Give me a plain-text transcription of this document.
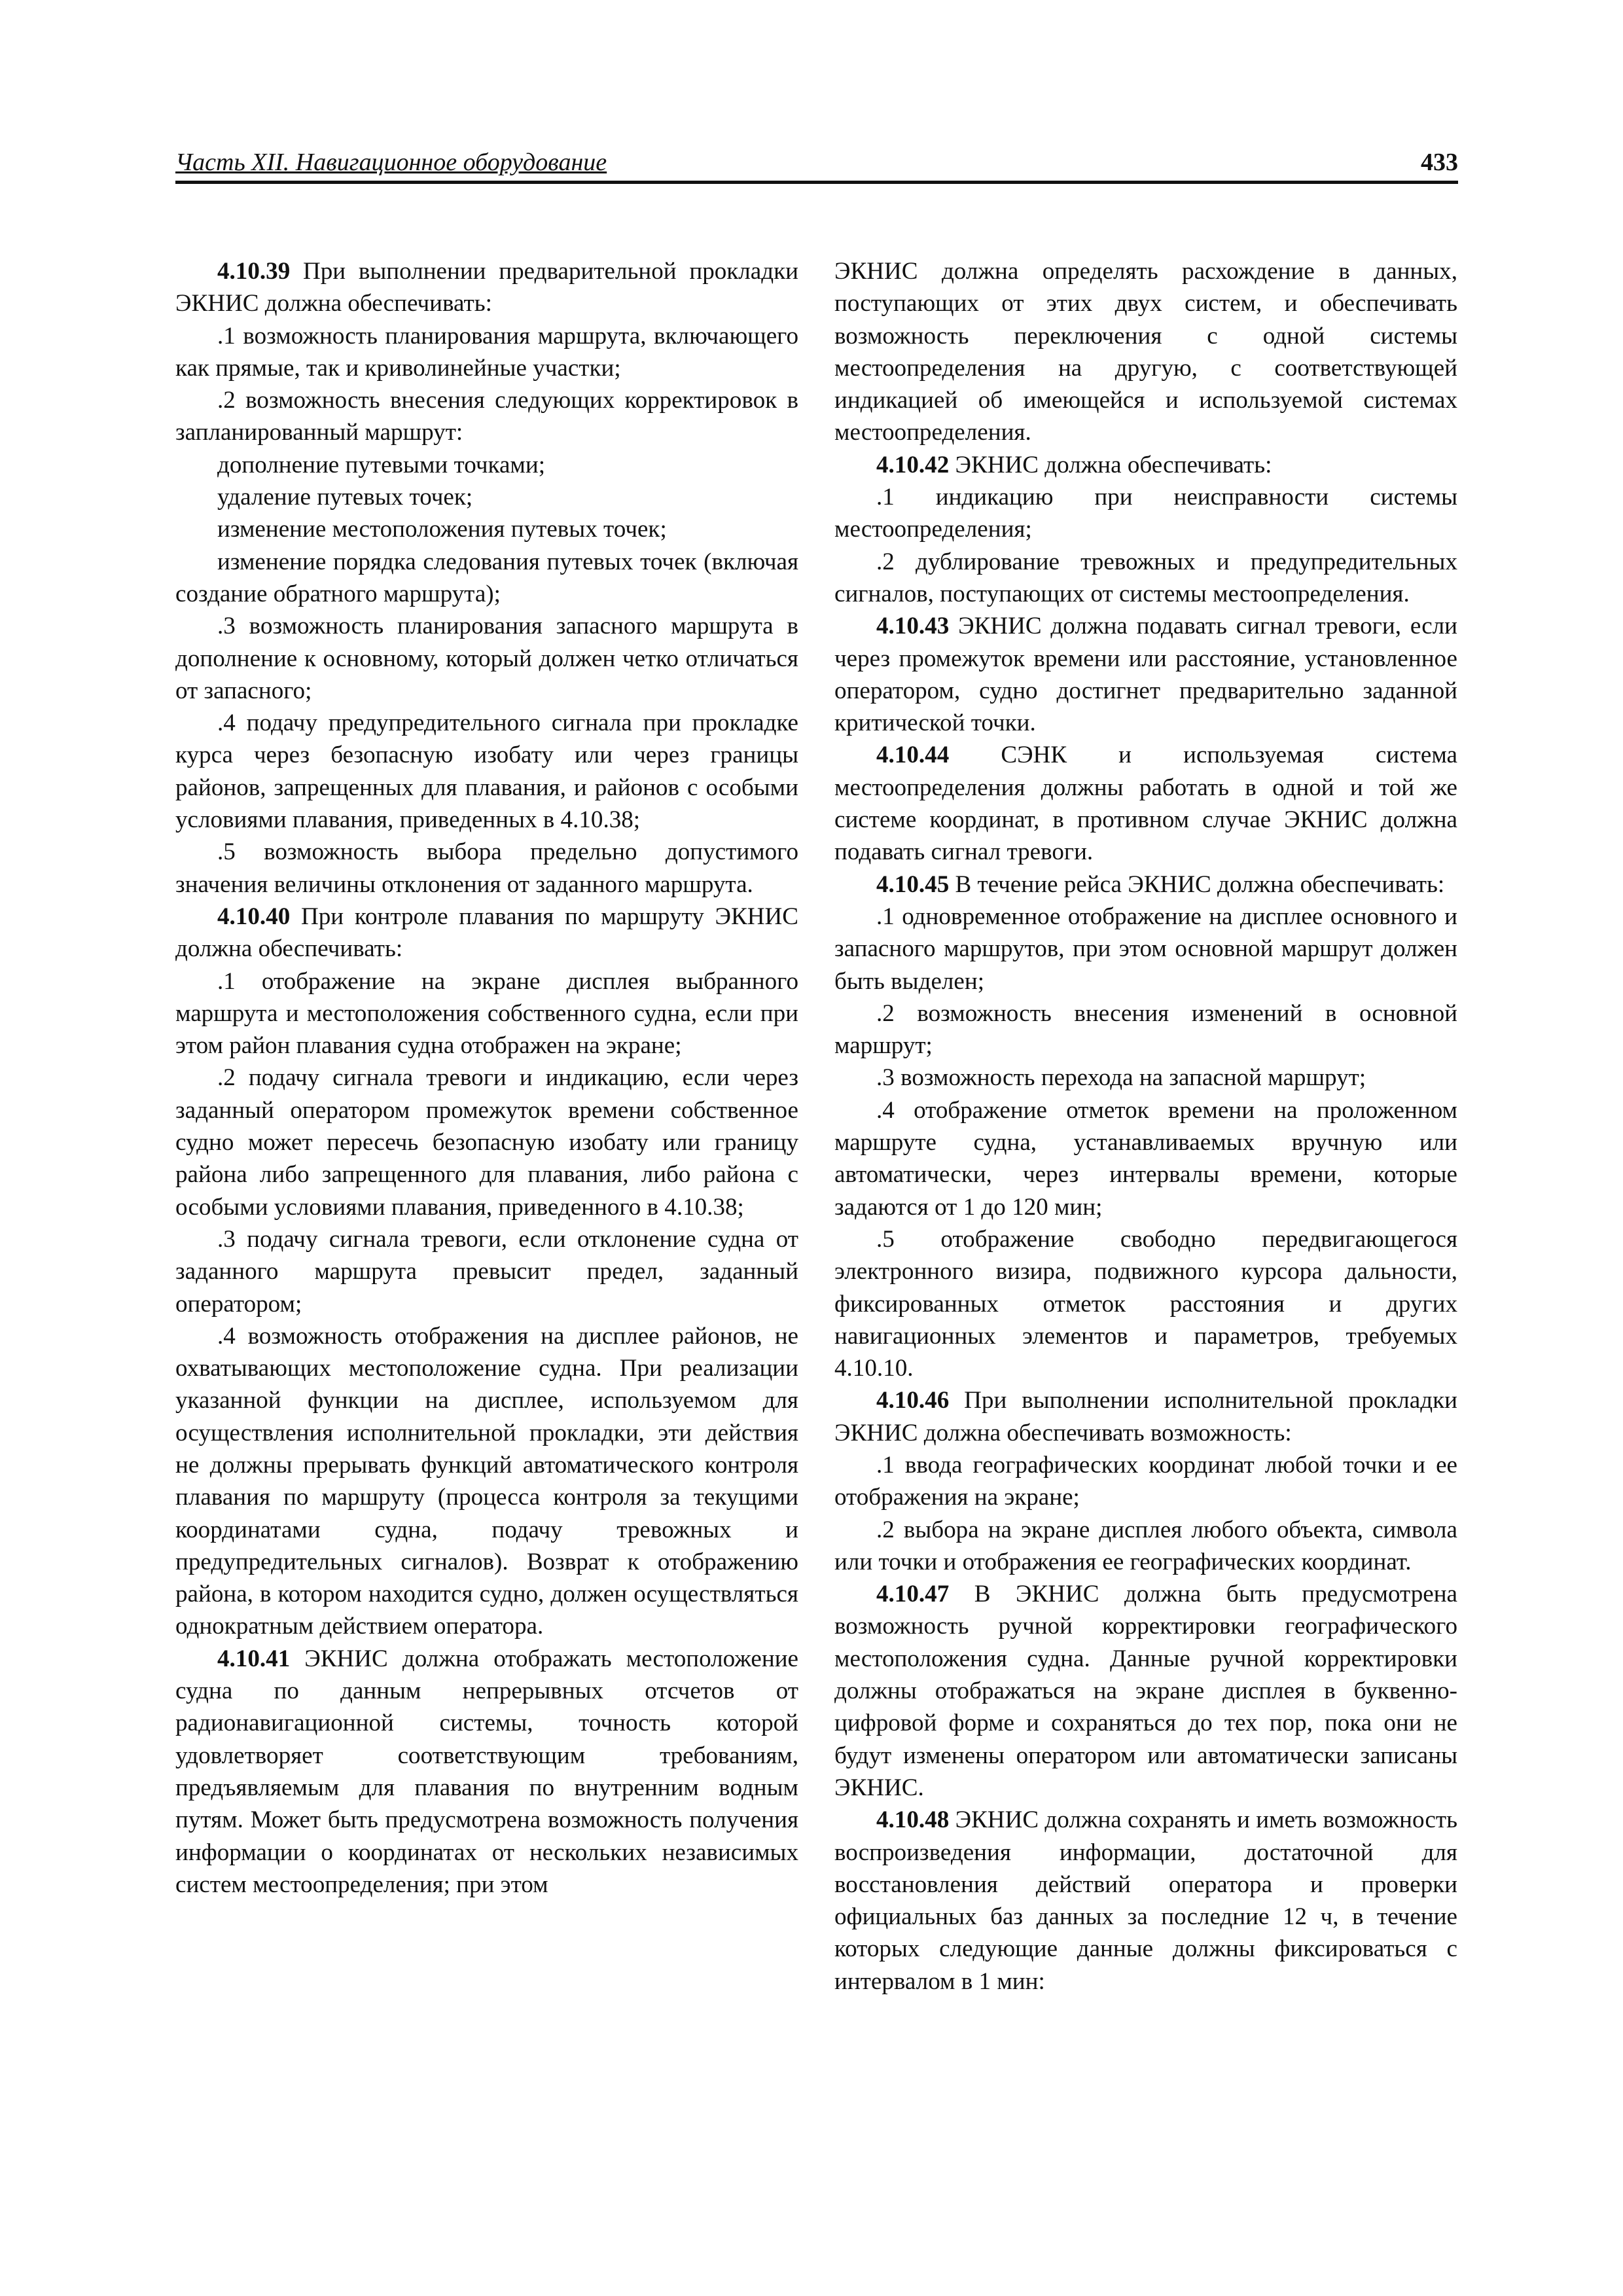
Часть XII. Навигационное оборудование	433

4.10.39 При выполнении предварительной прокладки ЭКНИС должна обеспечивать:

.1 возможность планирования маршрута, включающего как прямые, так и криволинейные участки;

.2 возможность внесения следующих корректировок в запланированный маршрут:

дополнение путевыми точками;

удаление путевых точек;

изменение местоположения путевых точек;

изменение порядка следования путевых точек (включая создание обратного маршрута);

.3 возможность планирования запасного маршрута в дополнение к основному, который должен четко отличаться от запасного;

.4 подачу предупредительного сигнала при прокладке курса через безопасную изобату или через границы районов, запрещенных для плавания, и районов с особыми условиями плавания, приведенных в 4.10.38;

.5 возможность выбора предельно допустимого значения величины отклонения от заданного маршрута.

4.10.40 При контроле плавания по маршруту ЭКНИС должна обеспечивать:

.1 отображение на экране дисплея выбранного маршрута и местоположения собственного судна, если при этом район плавания судна отображен на экране;

.2 подачу сигнала тревоги и индикацию, если через заданный оператором промежуток времени собственное судно может пересечь безопасную изобату или границу района либо запрещенного для плавания, либо района с особыми условиями плавания, приведенного в 4.10.38;

.3 подачу сигнала тревоги, если отклонение судна от заданного маршрута превысит предел, заданный оператором;

.4 возможность отображения на дисплее районов, не охватывающих местоположение судна. При реализации указанной функции на дисплее, используемом для осуществления исполнительной прокладки, эти действия не должны прерывать функций автоматического контроля плавания по маршруту (процесса контроля за текущими координатами судна, подачу тревожных и предупредительных сигналов). Возврат к отображению района, в котором находится судно, должен осуществляться однократным действием оператора.

4.10.41 ЭКНИС должна отображать местоположение судна по данным непрерывных отсчетов от радионавигационной системы, точность которой удовлетворяет соответствующим требованиям, предъявляемым для плавания по внутренним водным путям. Может быть предусмотрена возможность получения информации о координатах от нескольких независимых систем местоопределения; при этом

ЭКНИС должна определять расхождение в данных, поступающих от этих двух систем, и обеспечивать возможность переключения с одной системы местоопределения на другую, с соответствующей индикацией об имеющейся и используемой системах местоопределения.

4.10.42 ЭКНИС должна обеспечивать:

.1 индикацию при неисправности системы местоопределения;

.2 дублирование тревожных и предупредительных сигналов, поступающих от системы местоопределения.

4.10.43 ЭКНИС должна подавать сигнал тревоги, если через промежуток времени или расстояние, установленное оператором, судно достигнет предварительно заданной критической точки.

4.10.44 СЭНК и используемая система местоопределения должны работать в одной и той же системе координат, в противном случае ЭКНИС должна подавать сигнал тревоги.

4.10.45 В течение рейса ЭКНИС должна обеспечивать:

.1 одновременное отображение на дисплее основного и запасного маршрутов, при этом основной маршрут должен быть выделен;

.2 возможность внесения изменений в основной маршрут;

.3 возможность перехода на запасной маршрут;

.4 отображение отметок времени на проложенном маршруте судна, устанавливаемых вручную или автоматически, через интервалы времени, которые задаются от 1 до 120 мин;

.5 отображение свободно передвигающегося электронного визира, подвижного курсора дальности, фиксированных отметок расстояния и других навигационных элементов и параметров, требуемых 4.10.10.

4.10.46 При выполнении исполнительной прокладки ЭКНИС должна обеспечивать возможность:

.1 ввода географических координат любой точки и ее отображения на экране;

.2 выбора на экране дисплея любого объекта, символа или точки и отображения ее географических координат.

4.10.47 В ЭКНИС должна быть предусмотрена возможность ручной корректировки географического местоположения судна. Данные ручной корректировки должны отображаться на экране дисплея в буквенно-цифровой форме и сохраняться до тех пор, пока они не будут изменены оператором или автоматически записаны ЭКНИС.

4.10.48 ЭКНИС должна сохранять и иметь возможность воспроизведения информации, достаточной для восстановления действий оператора и проверки официальных баз данных за последние 12 ч, в течение которых следующие данные должны фиксироваться с интервалом в 1 мин:
